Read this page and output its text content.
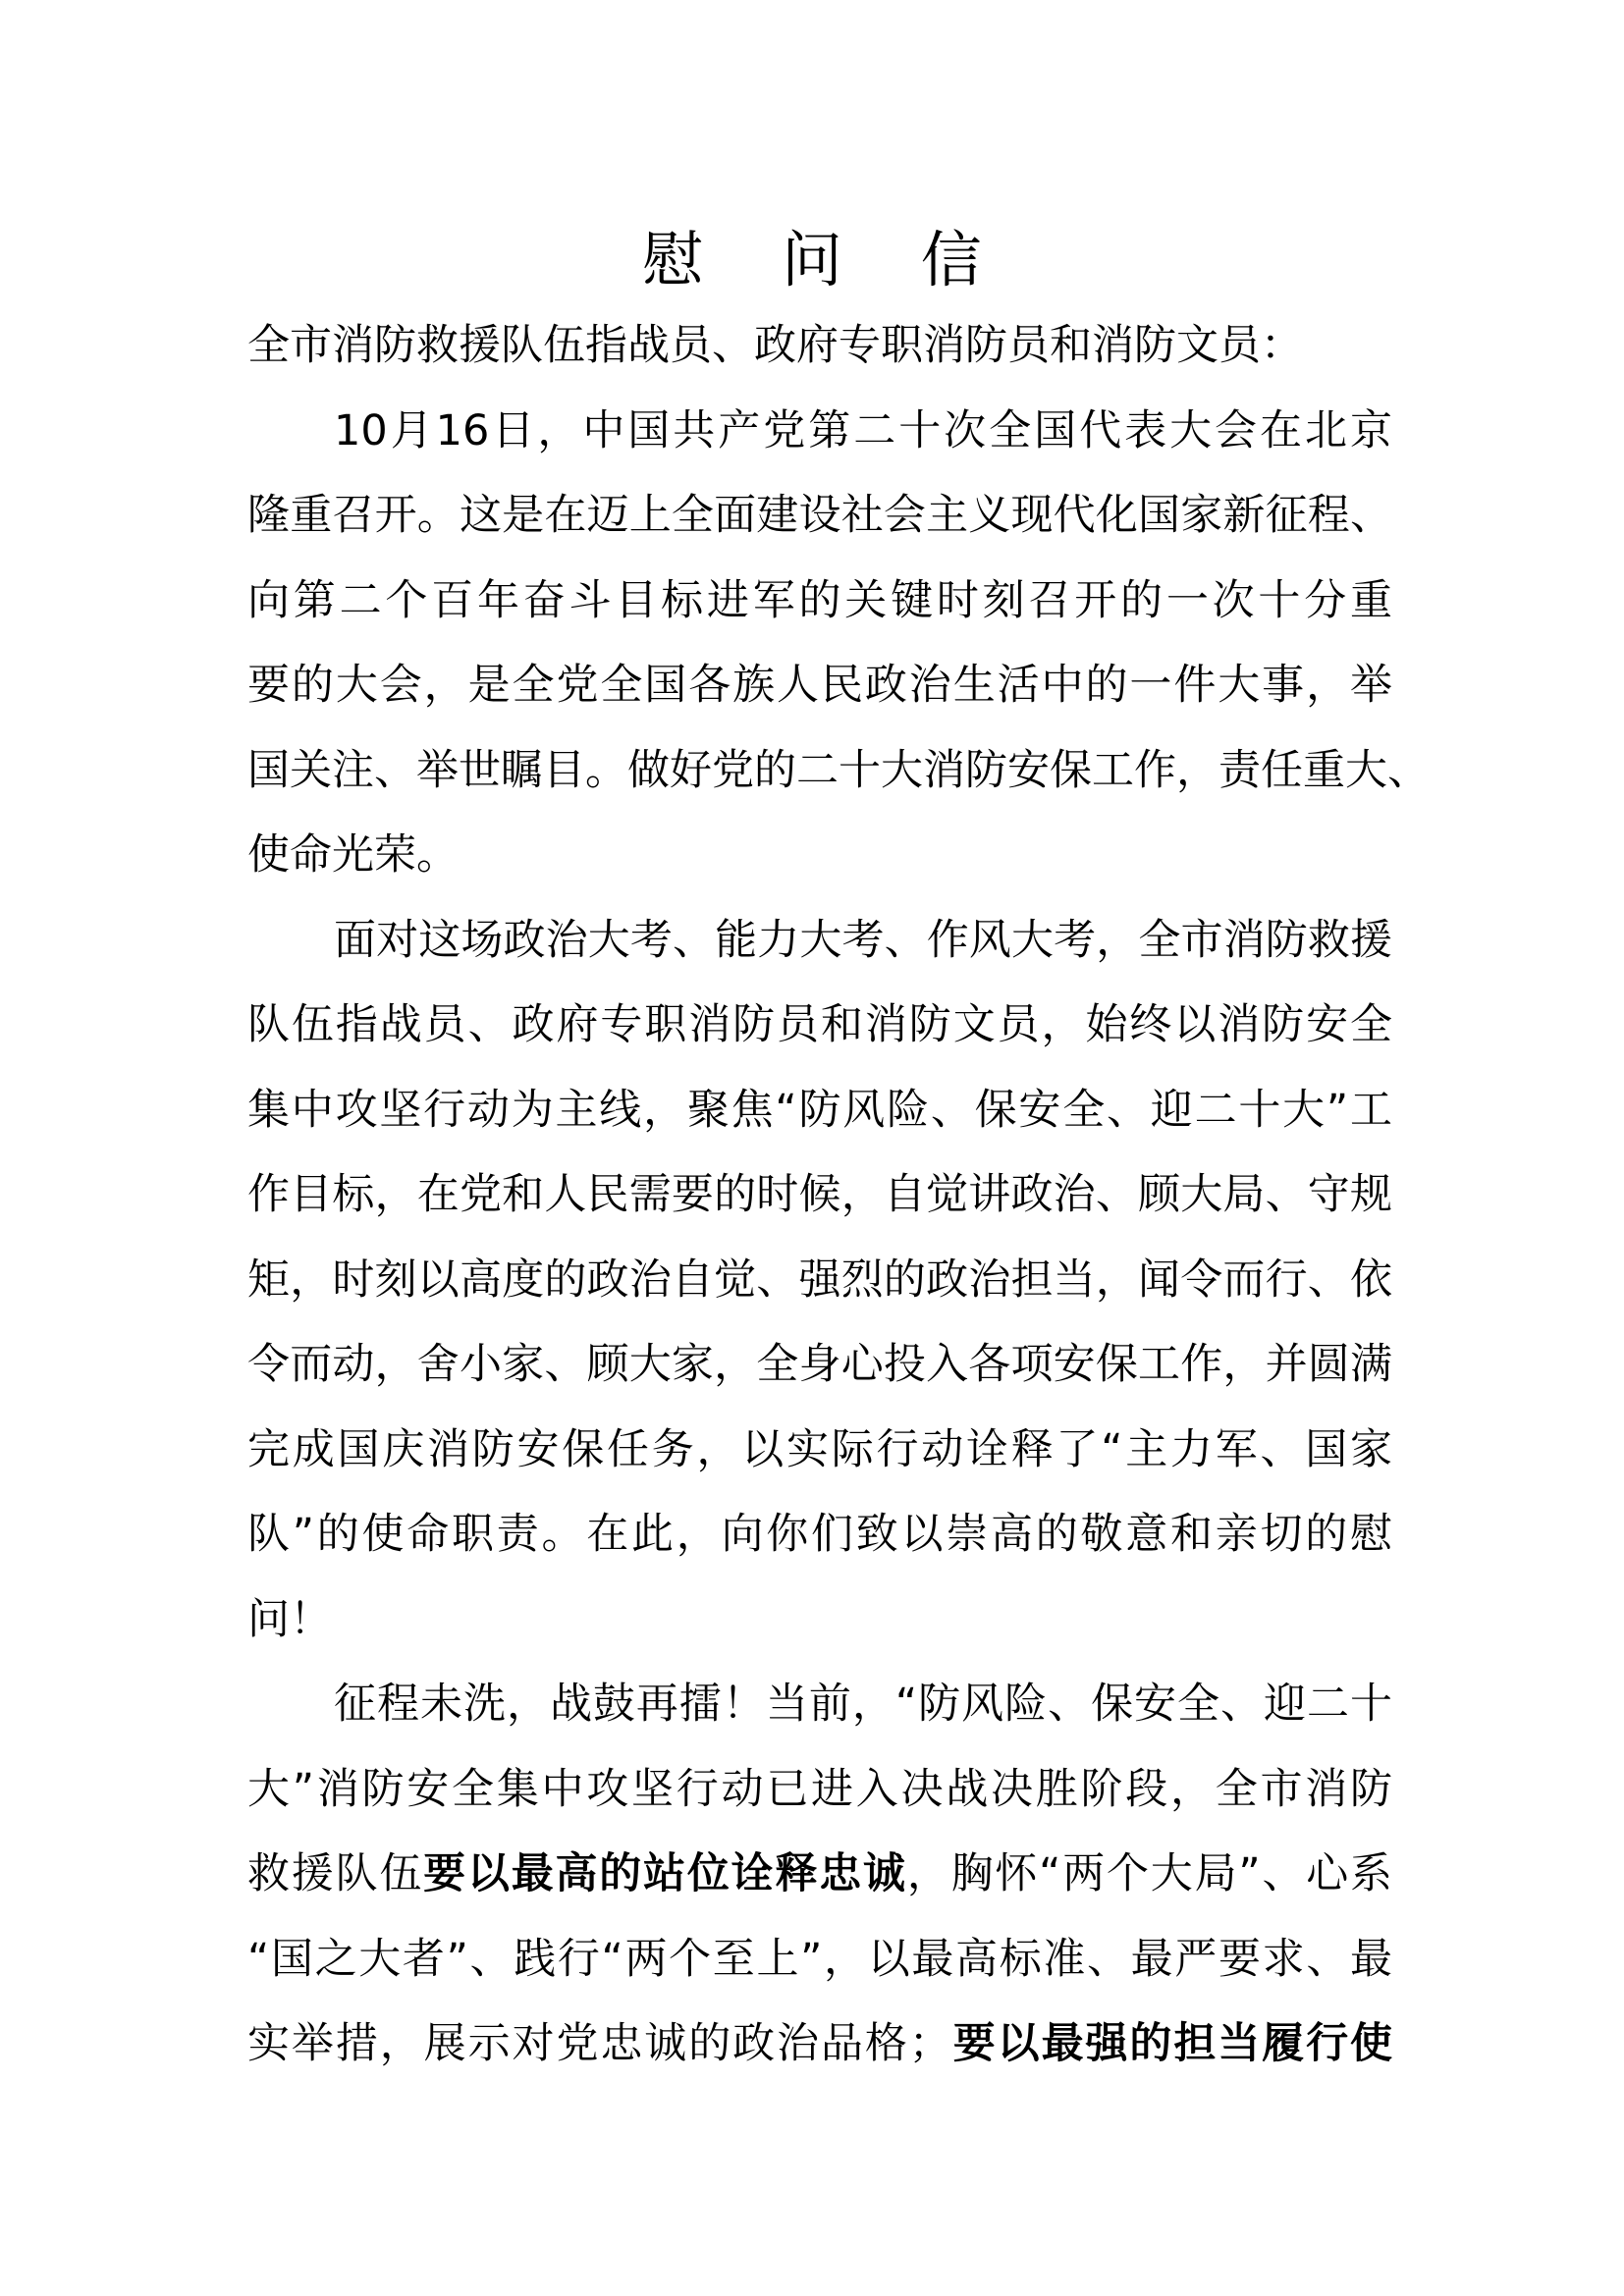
慰 问 信
全市消防救援队伍指战员、政府专职消防员和消防文员：
10月16日，中国共产党第二十次全国代表大会在北京
隆重召开。这是在迈上全面建设社会主义现代化国家新征程、
向第二个百年奋斗目标进军的关键时刻召开的一次十分重
要的大会，是全党全国各族人民政治生活中的一件大事，举
国关注、举世瞩目。做好党的二十大消防安保工作，责任重大、
使命光荣。
面对这场政治大考、能力大考、作风大考，全市消防救援
队伍指战员、政府专职消防员和消防文员，始终以消防安全
集中攻坚行动为主线，聚焦“防风险、保安全、迎二十大”工
作目标，在党和人民需要的时候，自觉讲政治、顾大局、守规
矩，时刻以高度的政治自觉、强烈的政治担当，闻令而行、依
令而动，舍小家、顾大家，全身心投入各项安保工作，并圆满
完成国庆消防安保任务，以实际行动诠释了“主力军、国家
队”的使命职责。在此，向你们致以崇高的敬意和亲切的慰
问！
征程未洗，战鼓再擂！当前，“防风险、保安全、迎二十
大”消防安全集中攻坚行动已进入决战决胜阶段，全市消防
救援队伍要以最高的站位诠释忠诚，胸怀“两个大局”、心系
“国之大者”、践行“两个至上”，以最高标准、最严要求、最
实举措，展示对党忠诚的政治品格；要以最强的担当履行使
